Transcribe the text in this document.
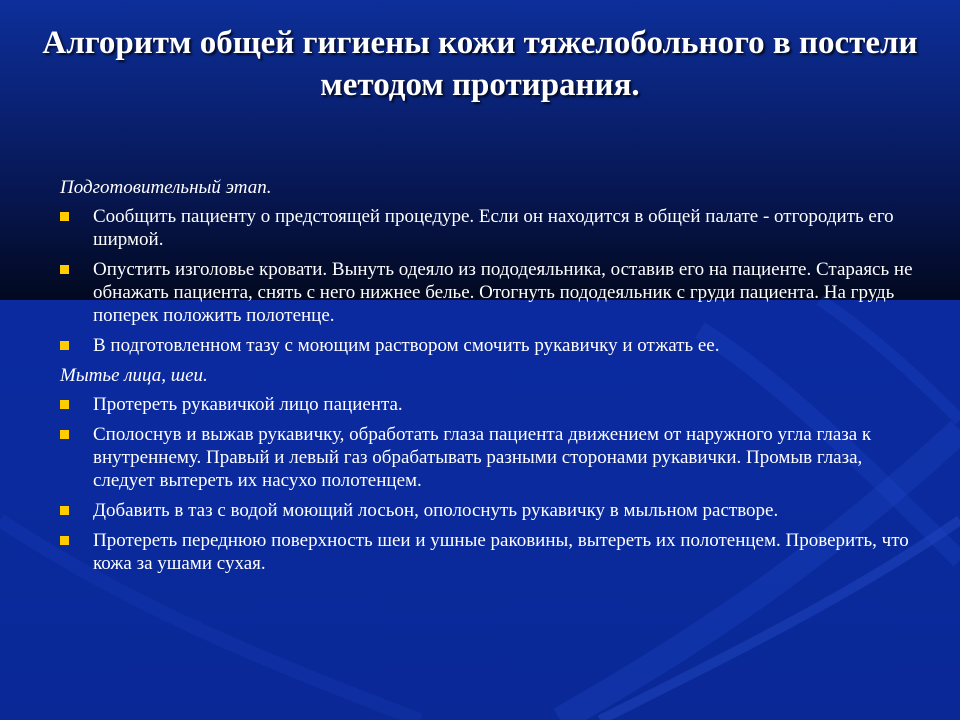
Алгоритм общей гигиены кожи тяжелобольного в постели методом протирания.
Подготовительный этап.
Сообщить пациенту о предстоящей процедуре. Если он находится в общей палате - отгородить его ширмой.
Опустить изголовье кровати. Вынуть одеяло из пододеяльника, оставив его на пациенте. Стараясь не обнажать пациента, снять с него нижнее белье. Отогнуть пододеяльник с груди пациента. На грудь поперек положить полотенце.
В подготовленном тазу с моющим раствором смочить рукавичку и отжать ее.
Мытье лица, шеи.
Протереть рукавичкой лицо пациента.
Сполоснув и выжав рукавичку, обработать глаза пациента движением от наружного угла глаза к внутреннему. Правый и левый газ обрабатывать разными сторонами рукавички. Промыв глаза, следует вытереть их насухо полотенцем.
Добавить в таз с водой моющий лосьон, ополоснуть рукавичку в мыльном растворе.
Протереть переднюю поверхность шеи и ушные раковины, вытереть их полотенцем. Проверить, что кожа за ушами сухая.
